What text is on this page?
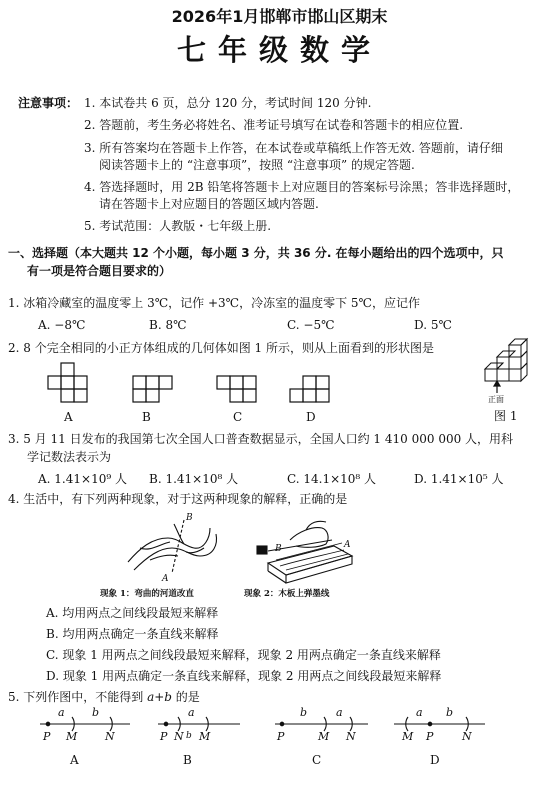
2026年1月邯郸市邯山区期末
七年级数学
注意事项： 1. 本试卷共 6 页，总分 120 分，考试时间 120 分钟.
2. 答题前，考生务必将姓名、准考证号填写在试卷和答题卡的相应位置.
3. 所有答案均在答题卡上作答，在本试卷或草稿纸上作答无效. 答题前，请仔细
阅读答题卡上的 “注意事项”，按照 “注意事项” 的规定答题.
4. 答选择题时，用 2B 铅笔将答题卡上对应题目的答案标号涂黑；答非选择题时，
请在答题卡上对应题目的答题区域内答题.
5. 考试范围：人教版・七年级上册.
一、选择题（本大题共 12 个小题，每小题 3 分，共 36 分. 在每小题给出的四个选项中，只
有一项是符合题目要求的）
1. 冰箱冷藏室的温度零上 3℃，记作 +3℃，冷冻室的温度零下 5℃，应记作
A. −8℃	B. 8℃	C. −5℃	D. 5℃
2. 8 个完全相同的小正方体组成的几何体如图 1 所示，则从上面看到的形状图是
A	B	C	D
正面
图 1
3. 5 月 11 日发布的我国第七次全国人口普查数据显示，全国人口约 1 410 000 000 人，用科
学记数法表示为
A. 1.41×10⁹ 人 B. 1.41×10⁸ 人	C. 14.1×10⁸ 人	D. 1.41×10⁵ 人
4. 生活中，有下列两种现象，对于这两种现象的解释，正确的是
B
A
B	A
现象 1：弯曲的河道改直	现象 2：木板上弹墨线
A. 均用两点之间线段最短来解释
B. 均用两点确定一条直线来解释
C. 现象 1 用两点之间线段最短来解释，现象 2 用两点确定一条直线来解释
D. 现象 1 用两点确定一条直线来解释，现象 2 用两点之间线段最短来解释
5. 下列作图中，不能得到 a+b 的是
a b
P M	N
A
a
P N b M
B
b	a
P	M N
C
a b
M P	N
D
